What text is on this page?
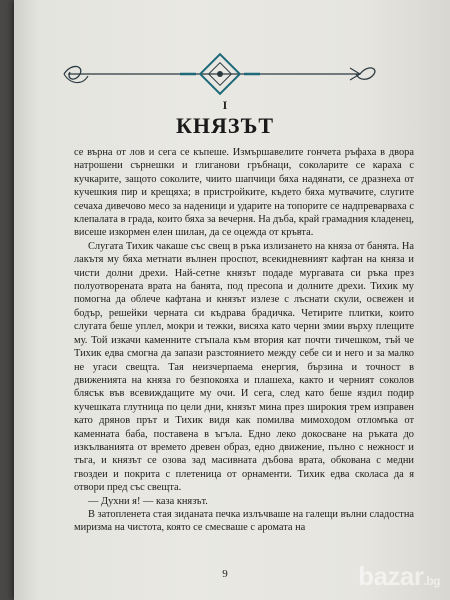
I
КНЯЗЪТ

се върна от лов и сега се къпеше. Измършавелите гончета ръфаха в двора натрошени сърнешки и глиганови гръбнаци, соколарите се караха с кучкарите, защото соколите, чиито шапчици бяха надянати, се дразнеха от кучешкия пир и крещяха; в пристройките, където бяха мутвачите, слугите сечаха дивечово месо за наденици и ударите на топорите се надпреварваха с клепалата в града, които бяха за вечерня. На дъба, край грамадния кладенец, висеше изкормен елен шилан, да се оцежда от кръвта.

Слугата Тихик чакаше със свещ в ръка излизането на княза от банята. На лакътя му бяха метнати вълнен проспот, всекидневният кафтан на княза и чисти долни дрехи. Най-сетне князът подаде мургавата си ръка през полуотворената врата на банята, под пресопа и долните дрехи. Тихик му помогна да облече кафтана и князът излезе с лъснати скули, освежен и бодър, решейки черната си къдрава брадичка. Четирите плитки, които слугата беше уплел, мокри и тежки, висяха като черни змии върху плещите му. Той изкачи каменните стъпала към втория кат почти тичешком, тъй че Тихик едва смогна да запази разстоянието между себе си и него и за малко не угаси свещта. Тая неизчерпаема енергия, бързина и точност в движенията на княза го безпокояха и плашеха, както и черният соколов блясък във всевиждащите му очи. И сега, след като беше яздил подир кучешката глутница по цели дни, князът мина през широкия трем изправен като дрянов прът и Тихик видя как помилва мимоходом отломъка от каменната баба, поставена в ъгъла. Едно леко докосване на ръката до изкълванията от времето древен образ, едно движение, пълно с нежност и тъга, и князът се озова зад масивната дъбова врата, обкована с медни гвоздеи и покрита с плетеница от орнаменти. Тихик едва сколаса да я отвори пред със свещта.

— Духни я! — каза князът.

В затопленета стая зиданата печка излъчваше на галещи вълни сладостна миризма на чистота, която се смесваше с аромата на

9	bazar.bg
